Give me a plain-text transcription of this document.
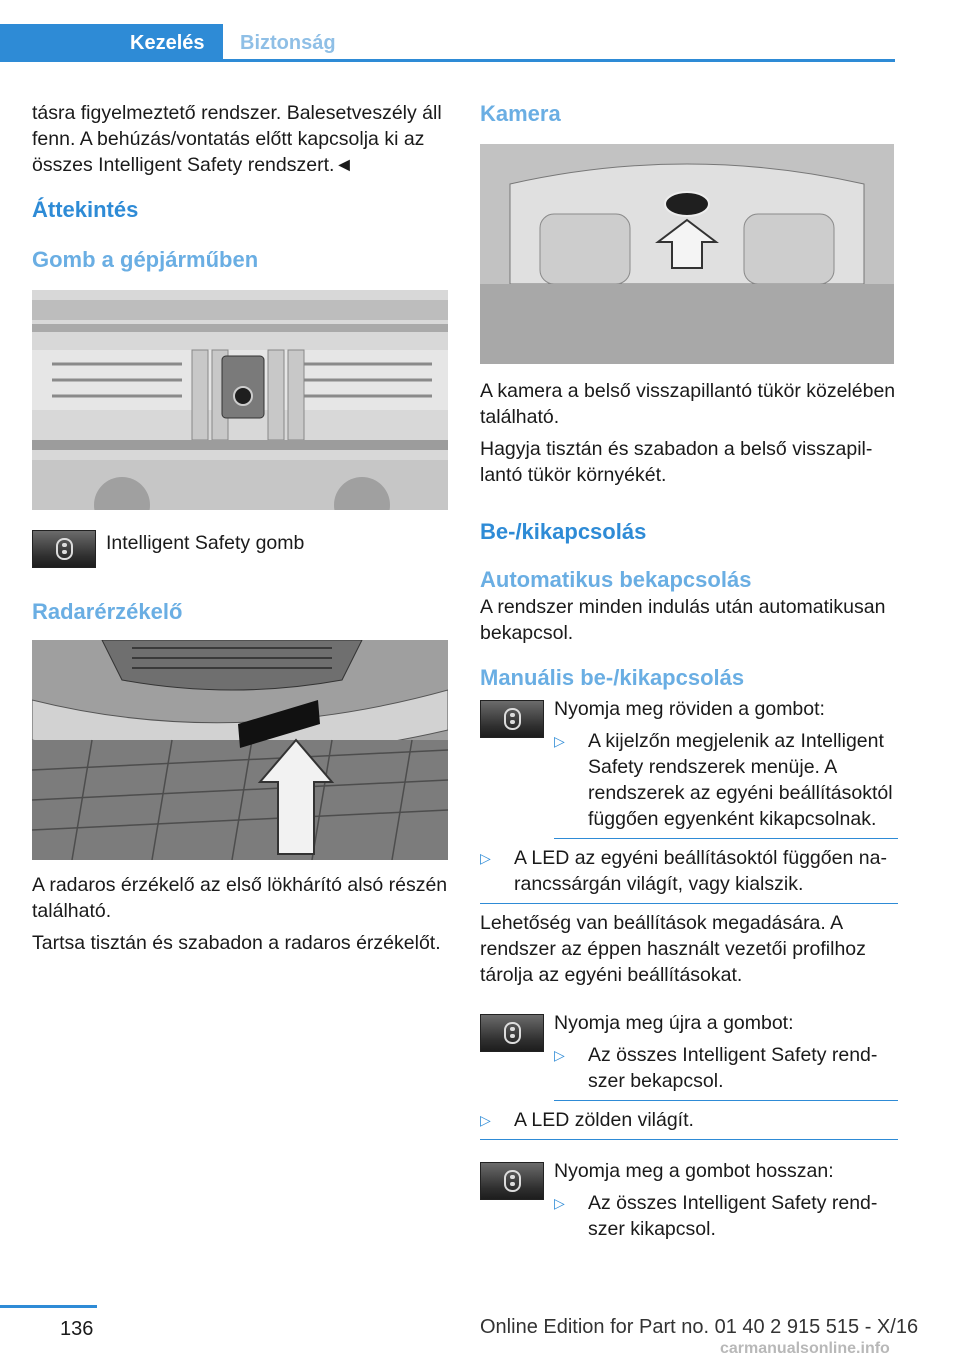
Kezelés	Biztonság

tásra figyelmeztető rendszer. Balesetveszély áll fenn. A behúzás/vontatás előtt kapcsolja ki az összes Intelligent Safety rendszert.◄

Áttekintés
Gomb a gépjárműben
Intelligent Safety gomb
Radarérzékelő

A radaros érzékelő az első lökhárító alsó részén található.

Tartsa tisztán és szabadon a radaros érzékelőt.

Kamera

A kamera a belső visszapillantó tükör közelében található.

Hagyja tisztán és szabadon a belső visszapillantó tükör környékét.

Be-/kikapcsolás
Automatikus bekapcsolás

A rendszer minden indulás után automatikusan bekapcsol.

Manuális be-/kikapcsolás

Nyomja meg röviden a gombot:

▷	A kijelzőn megjelenik az Intelligent Safety rendszerek menüje. A rendszerek az egyéni beállításoktól függően egyenként kikapcsolnak.
▷	A LED az egyéni beállításoktól függően narancssárgán világít, vagy kialszik.

Lehetőség van beállítások megadására. A rendszer az éppen használt vezetői profilhoz tárolja az egyéni beállításokat.

Nyomja meg újra a gombot:

▷	Az összes Intelligent Safety rendszer bekapcsol.
▷	A LED zölden világít.

Nyomja meg a gombot hosszan:

▷	Az összes Intelligent Safety rendszer kikapcsol.
136	Online Edition for Part no. 01 40 2 915 515 - X/16
carmanualsonline.info
